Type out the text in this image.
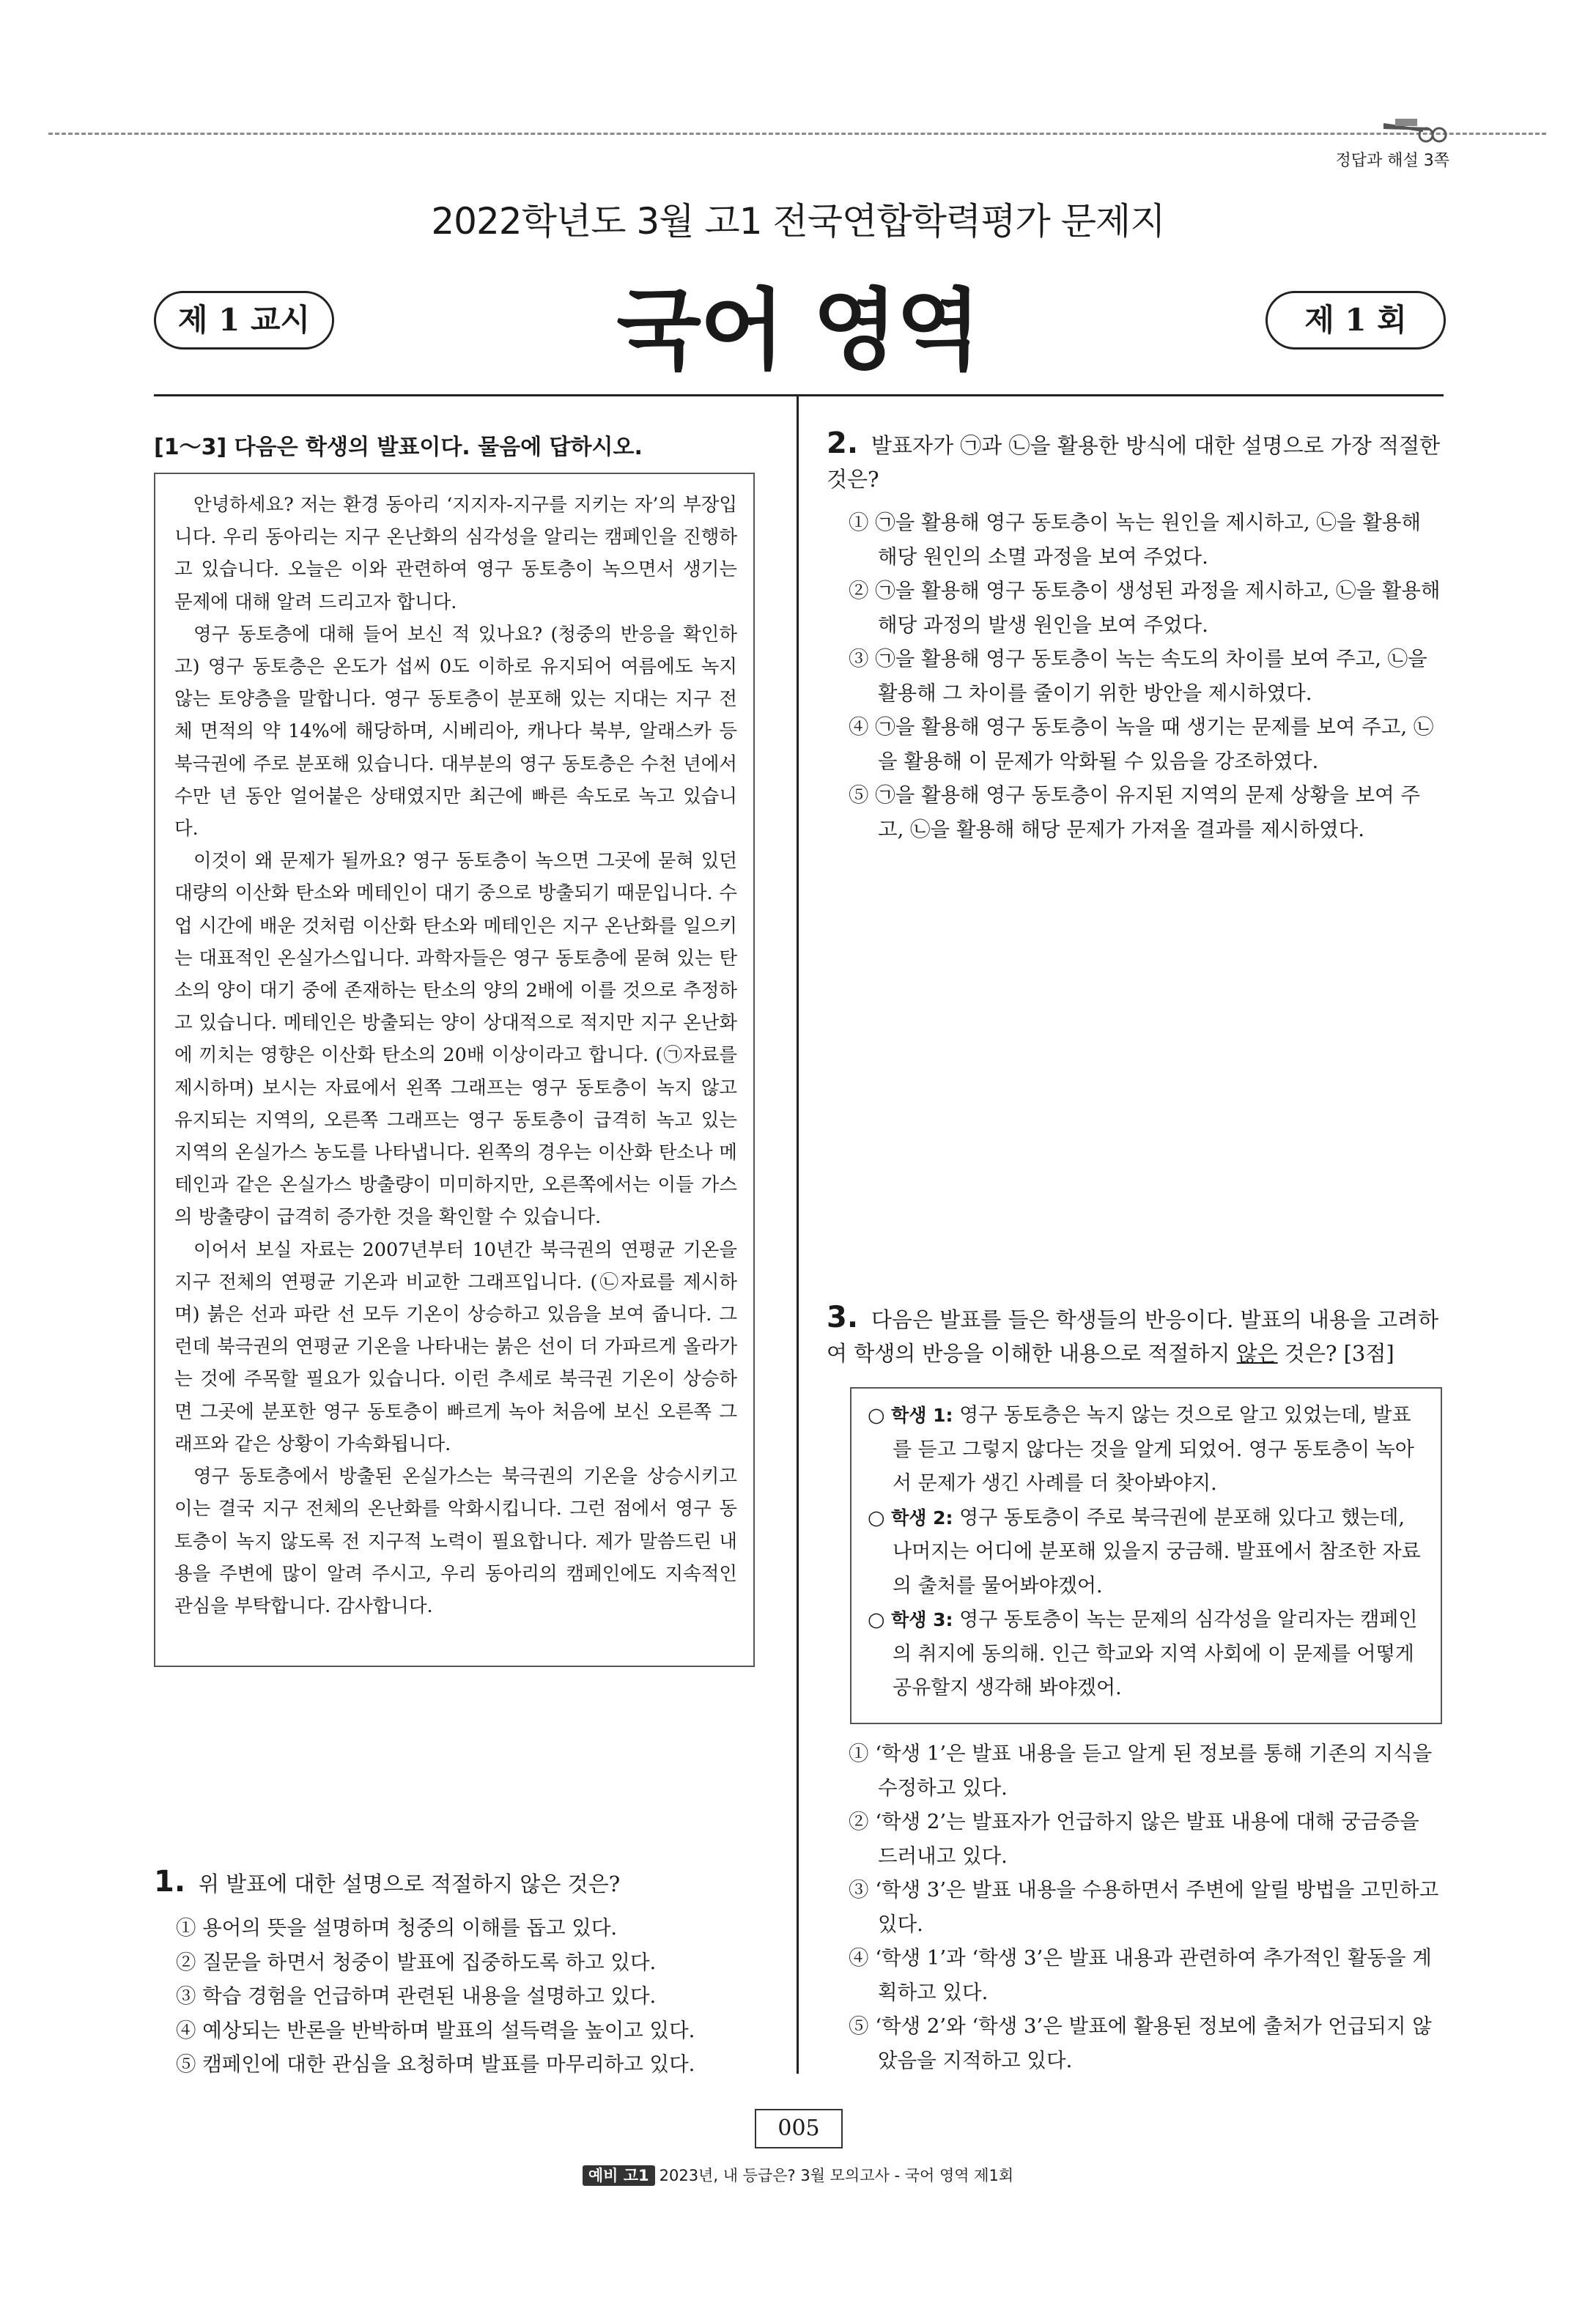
정답과 해설 3쪽
2022학년도 3월 고1 전국연합학력평가 문제지
국어 영역
제 1 교시	제 1 회
[1～3] 다음은 학생의 발표이다. 물음에 답하시오.

안녕하세요? 저는 환경 동아리 ‘지지자-지구를 지키는 자’의 부장입니다. 우리 동아리는 지구 온난화의 심각성을 알리는 캠페인을 진행하고 있습니다. 오늘은 이와 관련하여 영구 동토층이 녹으면서 생기는 문제에 대해 알려 드리고자 합니다.

영구 동토층에 대해 들어 보신 적 있나요? (청중의 반응을 확인하고) 영구 동토층은 온도가 섭씨 0도 이하로 유지되어 여름에도 녹지 않는 토양층을 말합니다. 영구 동토층이 분포해 있는 지대는 지구 전체 면적의 약 14%에 해당하며, 시베리아, 캐나다 북부, 알래스카 등 북극권에 주로 분포해 있습니다. 대부분의 영구 동토층은 수천 년에서 수만 년 동안 얼어붙은 상태였지만 최근에 빠른 속도로 녹고 있습니다.

이것이 왜 문제가 될까요? 영구 동토층이 녹으면 그곳에 묻혀 있던 대량의 이산화 탄소와 메테인이 대기 중으로 방출되기 때문입니다. 수업 시간에 배운 것처럼 이산화 탄소와 메테인은 지구 온난화를 일으키는 대표적인 온실가스입니다. 과학자들은 영구 동토층에 묻혀 있는 탄소의 양이 대기 중에 존재하는 탄소의 양의 2배에 이를 것으로 추정하고 있습니다. 메테인은 방출되는 양이 상대적으로 적지만 지구 온난화에 끼치는 영향은 이산화 탄소의 20배 이상이라고 합니다. (㉠자료를 제시하며) 보시는 자료에서 왼쪽 그래프는 영구 동토층이 녹지 않고 유지되는 지역의, 오른쪽 그래프는 영구 동토층이 급격히 녹고 있는 지역의 온실가스 농도를 나타냅니다. 왼쪽의 경우는 이산화 탄소나 메테인과 같은 온실가스 방출량이 미미하지만, 오른쪽에서는 이들 가스의 방출량이 급격히 증가한 것을 확인할 수 있습니다.

이어서 보실 자료는 2007년부터 10년간 북극권의 연평균 기온을 지구 전체의 연평균 기온과 비교한 그래프입니다. (㉡자료를 제시하며) 붉은 선과 파란 선 모두 기온이 상승하고 있음을 보여 줍니다. 그런데 북극권의 연평균 기온을 나타내는 붉은 선이 더 가파르게 올라가는 것에 주목할 필요가 있습니다. 이런 추세로 북극권 기온이 상승하면 그곳에 분포한 영구 동토층이 빠르게 녹아 처음에 보신 오른쪽 그래프와 같은 상황이 가속화됩니다.

영구 동토층에서 방출된 온실가스는 북극권의 기온을 상승시키고 이는 결국 지구 전체의 온난화를 악화시킵니다. 그런 점에서 영구 동토층이 녹지 않도록 전 지구적 노력이 필요합니다. 제가 말씀드린 내용을 주변에 많이 알려 주시고, 우리 동아리의 캠페인에도 지속적인 관심을 부탁합니다. 감사합니다.

1. 위 발표에 대한 설명으로 적절하지 않은 것은?
① 용어의 뜻을 설명하며 청중의 이해를 돕고 있다.
② 질문을 하면서 청중이 발표에 집중하도록 하고 있다.
③ 학습 경험을 언급하며 관련된 내용을 설명하고 있다.
④ 예상되는 반론을 반박하며 발표의 설득력을 높이고 있다.
⑤ 캠페인에 대한 관심을 요청하며 발표를 마무리하고 있다.
2. 발표자가 ㉠과 ㉡을 활용한 방식에 대한 설명으로 가장 적절한 것은?
① ㉠을 활용해 영구 동토층이 녹는 원인을 제시하고, ㉡을 활용해 해당 원인의 소멸 과정을 보여 주었다.
② ㉠을 활용해 영구 동토층이 생성된 과정을 제시하고, ㉡을 활용해 해당 과정의 발생 원인을 보여 주었다.
③ ㉠을 활용해 영구 동토층이 녹는 속도의 차이를 보여 주고, ㉡을 활용해 그 차이를 줄이기 위한 방안을 제시하였다.
④ ㉠을 활용해 영구 동토층이 녹을 때 생기는 문제를 보여 주고, ㉡을 활용해 이 문제가 악화될 수 있음을 강조하였다.
⑤ ㉠을 활용해 영구 동토층이 유지된 지역의 문제 상황을 보여 주고, ㉡을 활용해 해당 문제가 가져올 결과를 제시하였다.
3. 다음은 발표를 들은 학생들의 반응이다. 발표의 내용을 고려하여 학생의 반응을 이해한 내용으로 적절하지 않은 것은? [3점]
○ 학생 1: 영구 동토층은 녹지 않는 것으로 알고 있었는데, 발표를 듣고 그렇지 않다는 것을 알게 되었어. 영구 동토층이 녹아서 문제가 생긴 사례를 더 찾아봐야지.
○ 학생 2: 영구 동토층이 주로 북극권에 분포해 있다고 했는데, 나머지는 어디에 분포해 있을지 궁금해. 발표에서 참조한 자료의 출처를 물어봐야겠어.
○ 학생 3: 영구 동토층이 녹는 문제의 심각성을 알리자는 캠페인의 취지에 동의해. 인근 학교와 지역 사회에 이 문제를 어떻게 공유할지 생각해 봐야겠어.
① ‘학생 1’은 발표 내용을 듣고 알게 된 정보를 통해 기존의 지식을 수정하고 있다.
② ‘학생 2’는 발표자가 언급하지 않은 발표 내용에 대해 궁금증을 드러내고 있다.
③ ‘학생 3’은 발표 내용을 수용하면서 주변에 알릴 방법을 고민하고 있다.
④ ‘학생 1’과 ‘학생 3’은 발표 내용과 관련하여 추가적인 활동을 계획하고 있다.
⑤ ‘학생 2’와 ‘학생 3’은 발표에 활용된 정보에 출처가 언급되지 않았음을 지적하고 있다.
005
예비 고1 2023년, 내 등급은? 3월 모의고사 - 국어 영역 제1회
